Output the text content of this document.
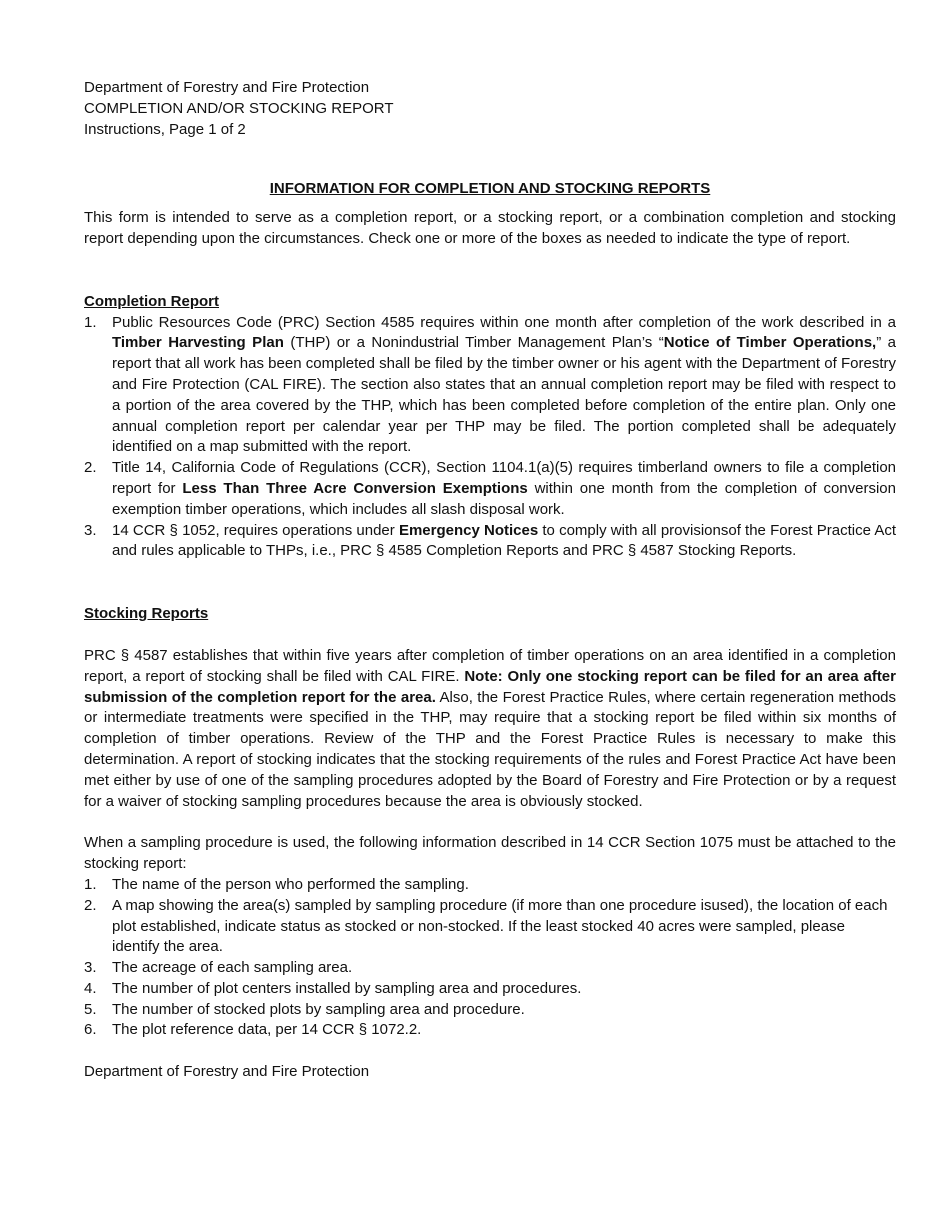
Department of Forestry and Fire Protection
COMPLETION AND/OR STOCKING REPORT
Instructions, Page 1 of 2
INFORMATION FOR COMPLETION AND STOCKING REPORTS

This form is intended to serve as a completion report, or a stocking report, or a combination completion and stocking report depending upon the circumstances. Check one or more of the boxes as needed to indicate the type of report.

Completion Report
1. Public Resources Code (PRC) Section 4585 requires within one month after completion of the work described in a Timber Harvesting Plan (THP) or a Nonindustrial Timber Management Plan’s “Notice of Timber Operations,” a report that all work has been completed shall be filed by the timber owner or his agent with the Department of Forestry and Fire Protection (CAL FIRE). The section also states that an annual completion report may be filed with respect to a portion of the area covered by the THP, which has been completed before completion of the entire plan. Only one annual completion report per calendar year per THP may be filed. The portion completed shall be adequately identified on a map submitted with the report.
2. Title 14, California Code of Regulations (CCR), Section 1104.1(a)(5) requires timberland owners to file a completion report for Less Than Three Acre Conversion Exemptions within one month from the completion of conversion exemption timber operations, which includes all slash disposal work.
3. 14 CCR § 1052, requires operations under Emergency Notices to comply with all provisionsof the Forest Practice Act and rules applicable to THPs, i.e., PRC § 4585 Completion Reports and PRC § 4587 Stocking Reports.
Stocking Reports

PRC § 4587 establishes that within five years after completion of timber operations on an area identified in a completion report, a report of stocking shall be filed with CAL FIRE. Note: Only one stocking report can be filed for an area after submission of the completion report for the area. Also, the Forest Practice Rules, where certain regeneration methods or intermediate treatments were specified in the THP, may require that a stocking report be filed within six months of completion of timber operations. Review of the THP and the Forest Practice Rules is necessary to make this determination. A report of stocking indicates that the stocking requirements of the rules and Forest Practice Act have been met either by use of one of the sampling procedures adopted by the Board of Forestry and Fire Protection or by a request for a waiver of stocking sampling procedures because the area is obviously stocked.

When a sampling procedure is used, the following information described in 14 CCR Section 1075 must be attached to the stocking report:

1. The name of the person who performed the sampling.
2. A map showing the area(s) sampled by sampling procedure (if more than one procedure isused), the location of each plot established, indicate status as stocked or non-stocked. If the least stocked 40 acres were sampled, please identify the area.
3. The acreage of each sampling area.
4. The number of plot centers installed by sampling area and procedures.
5. The number of stocked plots by sampling area and procedure.
6. The plot reference data, per 14 CCR § 1072.2.
Department of Forestry and Fire Protection
